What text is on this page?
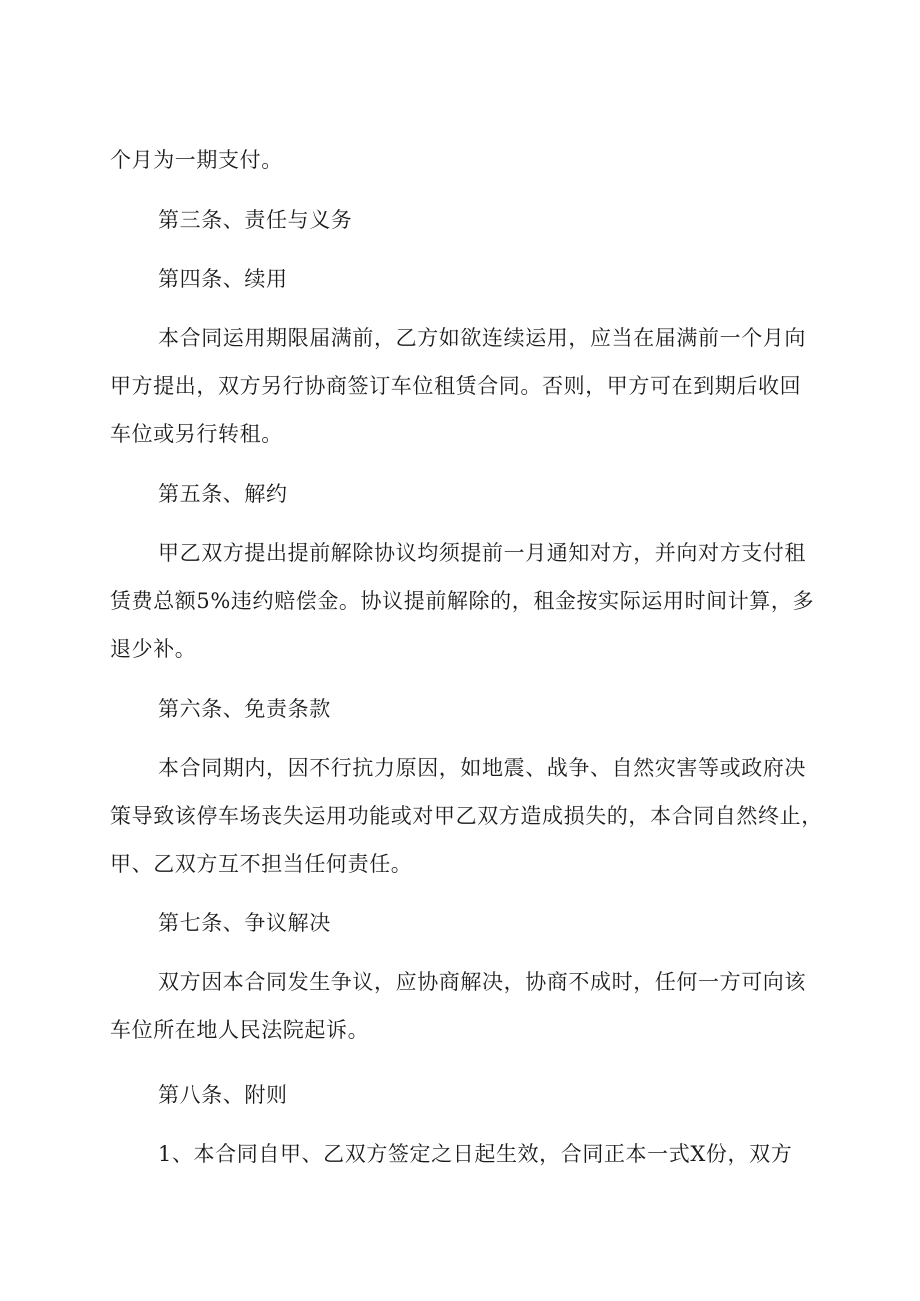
个月为一期支付。
第三条、责任与义务
第四条、续用
本合同运用期限届满前，乙方如欲连续运用，应当在届满前一个月向
甲方提出，双方另行协商签订车位租赁合同。否则，甲方可在到期后收回
车位或另行转租。
第五条、解约
甲乙双方提出提前解除协议均须提前一月通知对方，并向对方支付租
赁费总额5%违约赔偿金。协议提前解除的，租金按实际运用时间计算，多
退少补。
第六条、免责条款
本合同期内，因不行抗力原因，如地震、战争、自然灾害等或政府决
策导致该停车场丧失运用功能或对甲乙双方造成损失的，本合同自然终止，
甲、乙双方互不担当任何责任。
第七条、争议解决
双方因本合同发生争议，应协商解决，协商不成时，任何一方可向该
车位所在地人民法院起诉。
第八条、附则
1、本合同自甲、乙双方签定之日起生效，合同正本一式X份，双方
